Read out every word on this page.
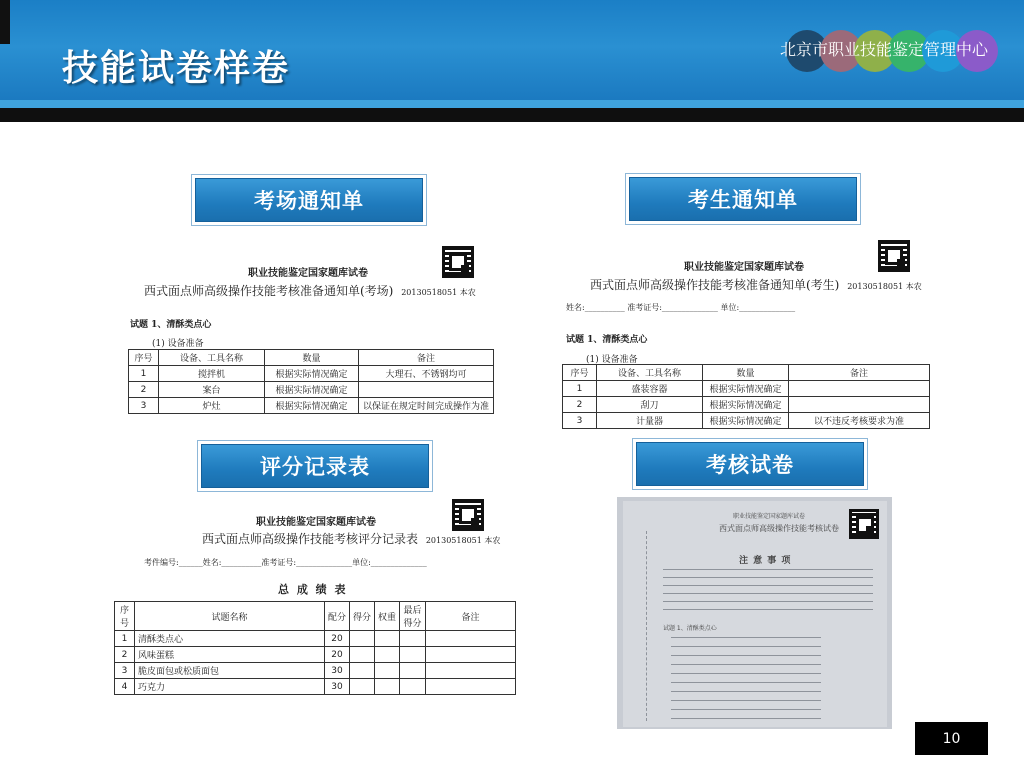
技能试卷样卷	北京市职业技能鉴定管理中心
考场通知单	考生通知单
评分记录表	考核试卷
职业技能鉴定国家题库试卷
西式面点师高级操作技能考核准备通知单(考场) 20130518051 本农
试题 1、清酥类点心
(1) 设备准备
序号	设备、工具名称	数量	备注
1	搅拌机	根据实际情况确定	大理石、不锈钢均可
2	案台	根据实际情况确定	
3	炉灶	根据实际情况确定	以保证在规定时间完成操作为准
职业技能鉴定国家题库试卷
西式面点师高级操作技能考核准备通知单(考生) 20130518051 本农
姓名:__________ 准考证号:______________ 单位:______________
试题 1、清酥类点心
(1) 设备准备
序号	设备、工具名称	数量	备注
1	盛装容器	根据实际情况确定	
2	刮刀	根据实际情况确定	
3	计量器	根据实际情况确定	以不违反考核要求为准
职业技能鉴定国家题库试卷
西式面点师高级操作技能考核评分记录表 20130518051 本农
考件编号:______姓名:__________准考证号:______________单位:______________
总 成 绩 表
序号	试题名称	配分	得分	权重	最后得分	备注
1	清酥类点心	20				
2	风味蛋糕	20				
3	脆皮面包或松质面包	30				
4	巧克力	30				
职业技能鉴定国家题库试卷
西式面点师高级操作技能考核试卷
注 意 事 项
试题 1、清酥类点心
10
